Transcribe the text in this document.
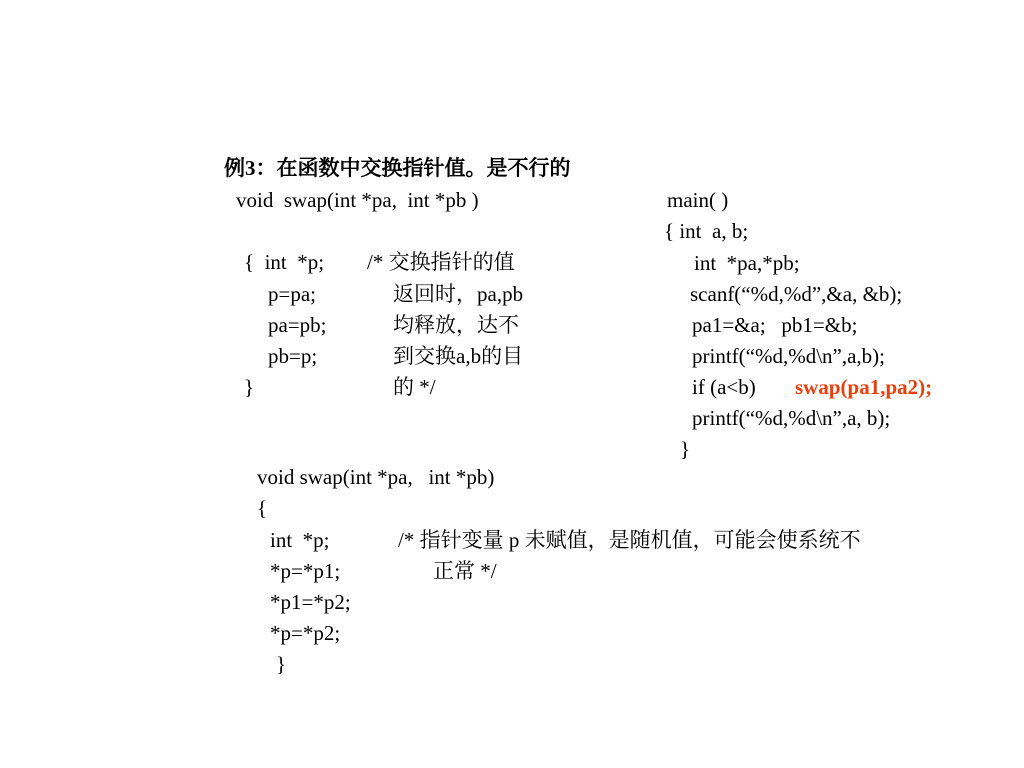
例3：在函数中交换指针值。是不行的
void  swap(int *pa,  int *pb )
{  int  *p;
p=pa;
pa=pb;
pb=p;
}
/* 交换指针的值
返回时，pa,pb
均释放，达不
到交换a,b的目
的 */
main( )
{ int  a, b;
int  *pa,*pb;
scanf(“%d,%d”,&a, &b);
pa1=&a;   pb1=&b;
printf(“%d,%d\n”,a,b);
if (a<b) swap(pa1,pa2);
printf(“%d,%d\n”,a, b);
}
void swap(int *pa,   int *pb)
{
int  *p;
*p=*p1;
*p1=*p2;
*p=*p2;
}
/* 指针变量 p 未赋值，是随机值，可能会使系统不
正常 */
